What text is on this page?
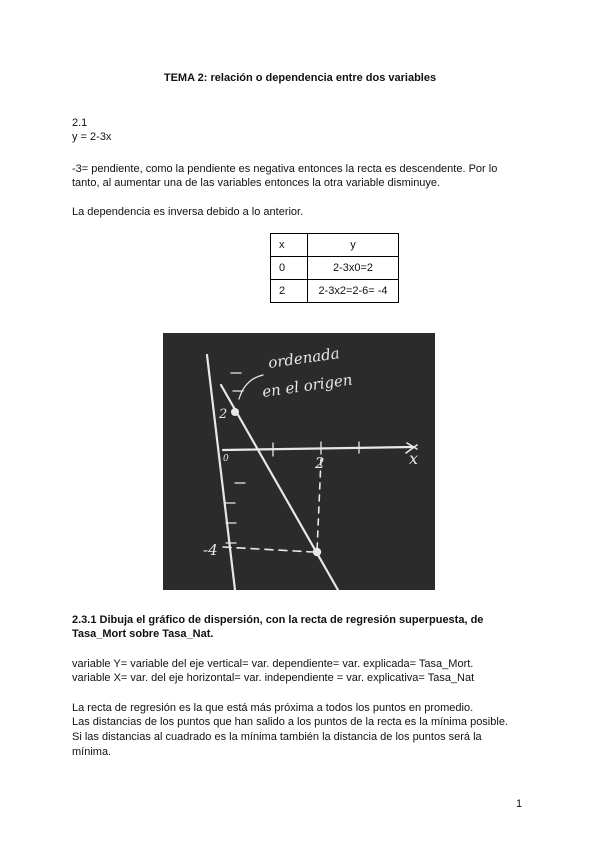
TEMA 2: relación o dependencia entre dos variables
2.1
y = 2-3x
-3= pendiente, como la pendiente es negativa entonces la recta es descendente. Por lo
tanto, al aumentar una de las variables entonces la otra variable disminuye.
La dependencia es inversa debido a lo anterior.
x	y
0	2-3x0=2
2	2-3x2=2-6= -4
ordenada
en el origen
2
0	2
-4
x
2.3.1 Dibuja el gráfico de dispersión, con la recta de regresión superpuesta, de
Tasa_Mort sobre Tasa_Nat.
variable Y= variable del eje vertical= var. dependiente= var. explicada= Tasa_Mort.
variable X= var. del eje horizontal= var. independiente = var. explicativa= Tasa_Nat
La recta de regresión es la que está más próxima a todos los puntos en promedio.
Las distancias de los puntos que han salido a los puntos de la recta es la mínima posible.
Si las distancias al cuadrado es la mínima también la distancia de los puntos será la
mínima.
1
